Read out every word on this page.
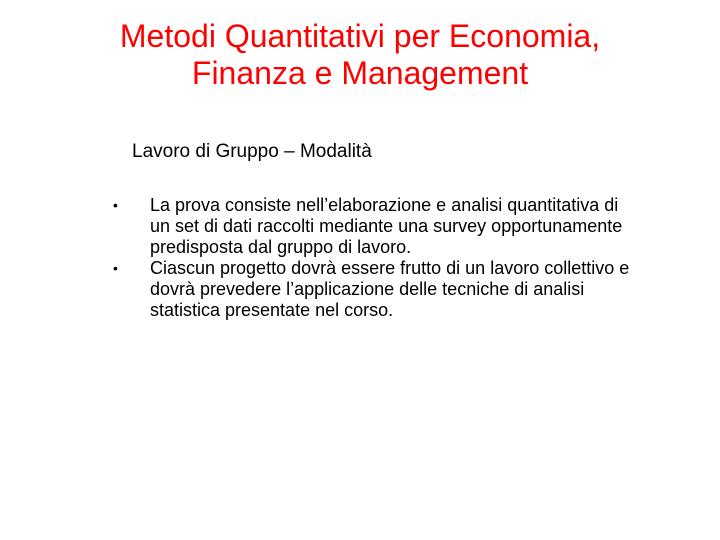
Metodi Quantitativi per Economia,
Finanza e Management
Lavoro di Gruppo – Modalità
• La prova consiste nell’elaborazione e analisi quantitativa di un set di dati raccolti mediante una survey opportunamente predisposta dal gruppo di lavoro.
• Ciascun progetto dovrà essere frutto di un lavoro collettivo e dovrà prevedere l’applicazione delle tecniche di analisi statistica presentate nel corso.
